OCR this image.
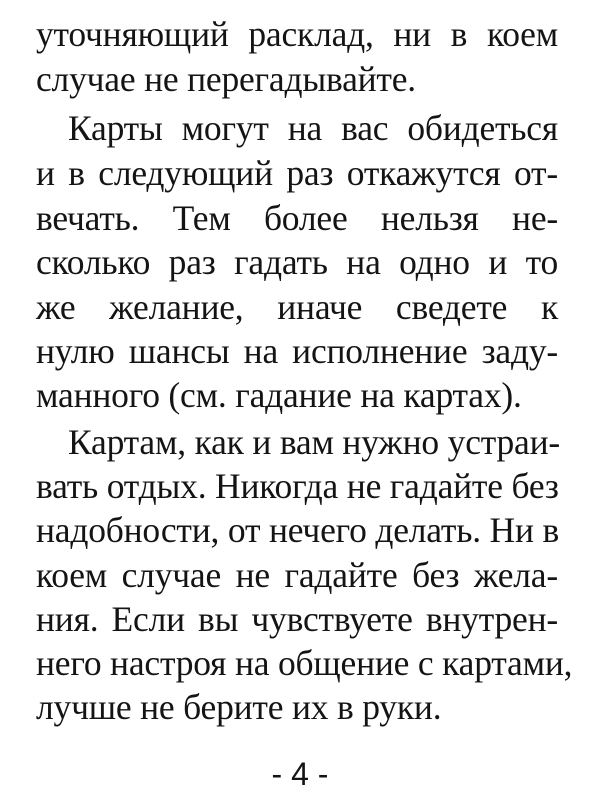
уточняющий расклад, ни в коем
случае не перегадывайте.
Карты могут на вас обидеться
и в следующий раз откажутся от-
вечать. Тем более нельзя не-
сколько раз гадать на одно и то
же желание, иначе сведете к
нулю шансы на исполнение заду-
манного (см. гадание на картах).
Картам, как и вам нужно устраи-
вать отдых. Никогда не гадайте без
надобности, от нечего делать. Ни в
коем случае не гадайте без жела-
ния. Если вы чувствуете внутрен-
него настроя на общение с картами,
лучше не берите их в руки.
- 4 -
